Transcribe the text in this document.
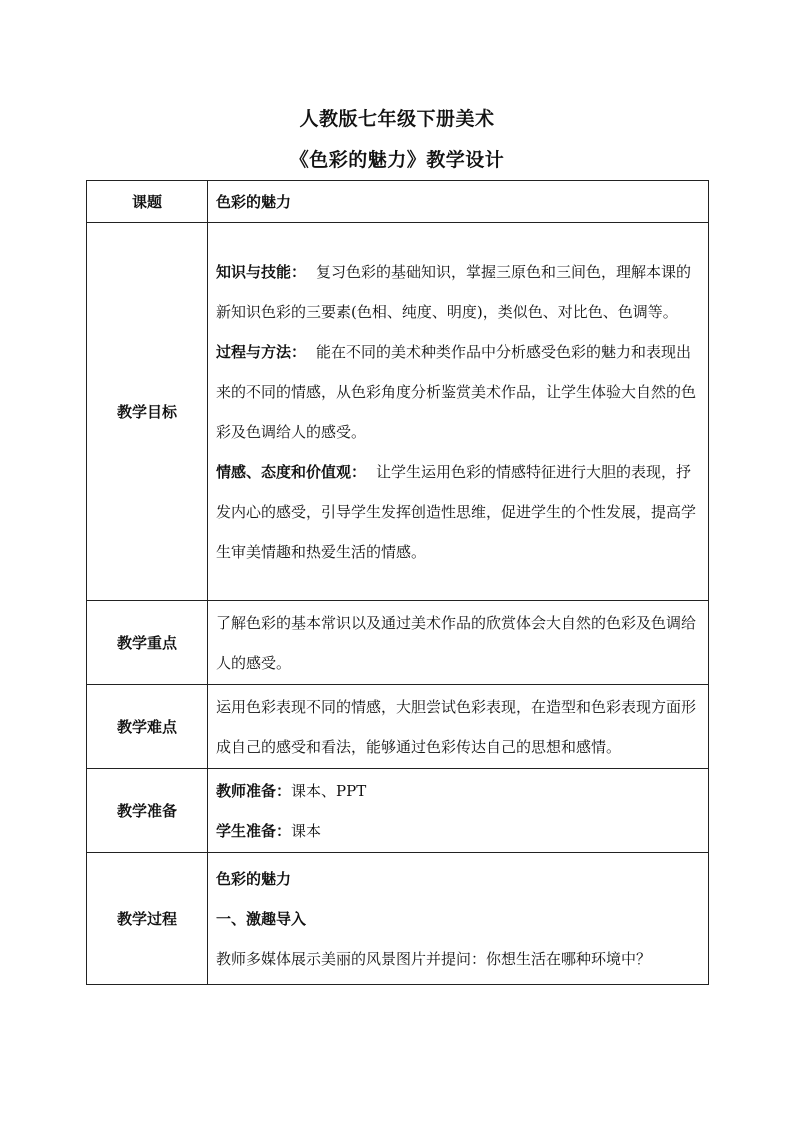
人教版七年级下册美术
《色彩的魅力》教学设计
课题	色彩的魅力
教学目标	知识与技能： 复习色彩的基础知识，掌握三原色和三间色，理解本课的新知识色彩的三要素(色相、纯度、明度)，类似色、对比色、色调等。
过程与方法： 能在不同的美术种类作品中分析感受色彩的魅力和表现出来的不同的情感，从色彩角度分析鉴赏美术作品，让学生体验大自然的色彩及色调给人的感受。
情感、态度和价值观： 让学生运用色彩的情感特征进行大胆的表现，抒发内心的感受，引导学生发挥创造性思维，促进学生的个性发展，提高学生审美情趣和热爱生活的情感。

教学重点	了解色彩的基本常识以及通过美术作品的欣赏体会大自然的色彩及色调给人的感受。
教学难点	运用色彩表现不同的情感，大胆尝试色彩表现，在造型和色彩表现方面形成自己的感受和看法，能够通过色彩传达自己的思想和感情。
教学准备	教师准备：课本、PPT
学生准备：课本

教学过程	色彩的魅力
一、激趣导入
教师多媒体展示美丽的风景图片并提问：你想生活在哪种环境中？
